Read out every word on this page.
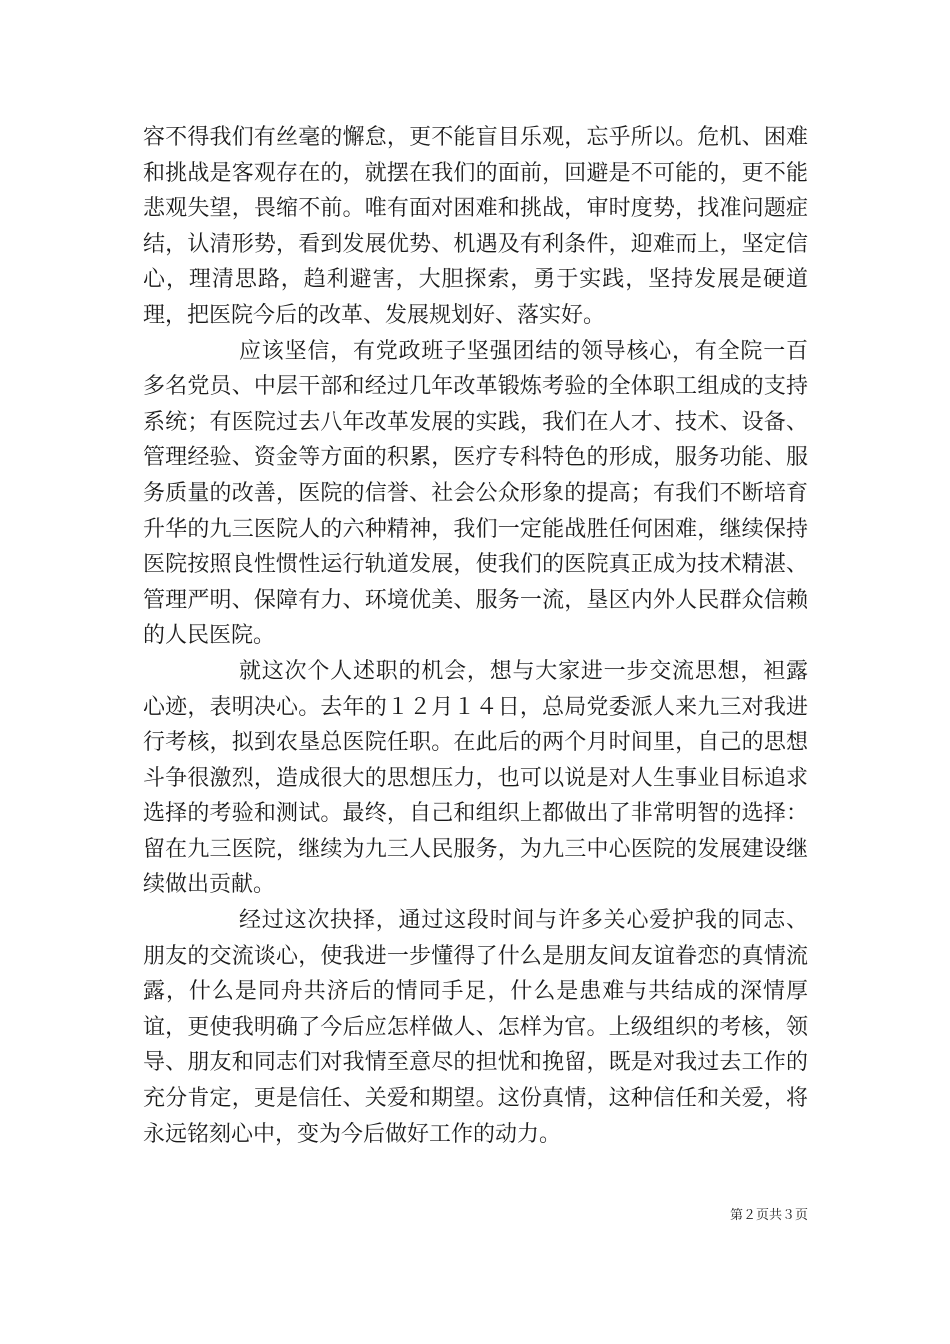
容不得我们有丝毫的懈怠，更不能盲目乐观，忘乎所以。危机、困难和挑战是客观存在的，就摆在我们的面前，回避是不可能的，更不能悲观失望，畏缩不前。唯有面对困难和挑战，审时度势，找准问题症结，认清形势，看到发展优势、机遇及有利条件，迎难而上，坚定信心，理清思路，趋利避害，大胆探索，勇于实践，坚持发展是硬道理，把医院今后的改革、发展规划好、落实好。

应该坚信，有党政班子坚强团结的领导核心，有全院一百多名党员、中层干部和经过几年改革锻炼考验的全体职工组成的支持系统；有医院过去八年改革发展的实践，我们在人才、技术、设备、管理经验、资金等方面的积累，医疗专科特色的形成，服务功能、服务质量的改善，医院的信誉、社会公众形象的提高；有我们不断培育升华的九三医院人的六种精神，我们一定能战胜任何困难，继续保持医院按照良性惯性运行轨道发展，使我们的医院真正成为技术精湛、管理严明、保障有力、环境优美、服务一流，垦区内外人民群众信赖的人民医院。

就这次个人述职的机会，想与大家进一步交流思想，袒露心迹，表明决心。去年的１２月１４日，总局党委派人来九三对我进行考核，拟到农垦总医院任职。在此后的两个月时间里，自己的思想斗争很激烈，造成很大的思想压力，也可以说是对人生事业目标追求选择的考验和测试。最终，自己和组织上都做出了非常明智的选择：留在九三医院，继续为九三人民服务，为九三中心医院的发展建设继续做出贡献。

经过这次抉择，通过这段时间与许多关心爱护我的同志、朋友的交流谈心，使我进一步懂得了什么是朋友间友谊眷恋的真情流露，什么是同舟共济后的情同手足，什么是患难与共结成的深情厚谊，更使我明确了今后应怎样做人、怎样为官。上级组织的考核，领导、朋友和同志们对我情至意尽的担忧和挽留，既是对我过去工作的充分肯定，更是信任、关爱和期望。这份真情，这种信任和关爱，将永远铭刻心中，变为今后做好工作的动力。

第２页共３页
